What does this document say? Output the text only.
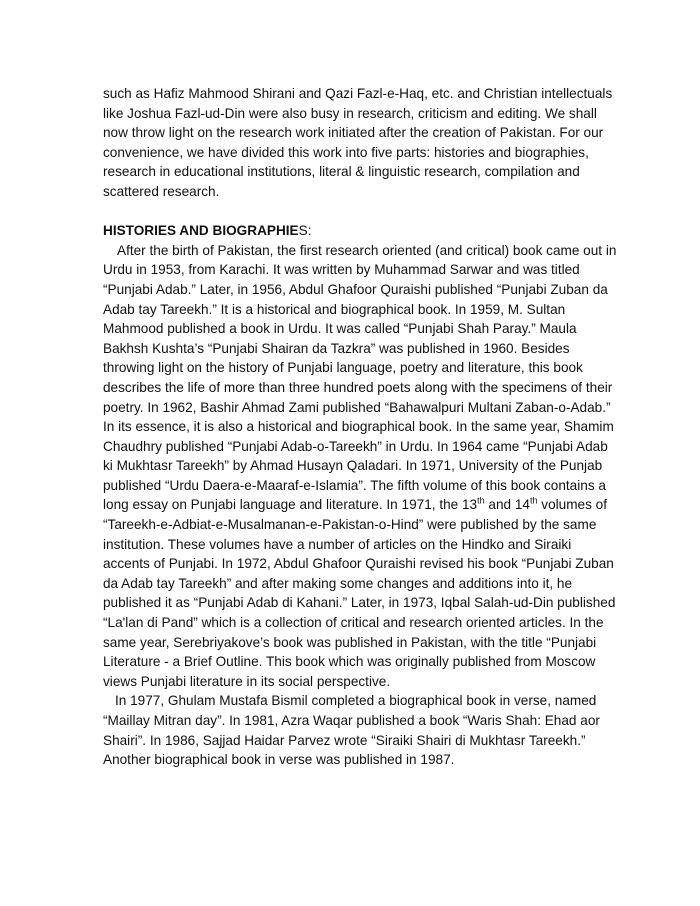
such as Hafiz Mahmood Shirani and Qazi Fazl-e-Haq, etc. and Christian intellectuals like Joshua Fazl-ud-Din were also busy in research, criticism and editing. We shall now throw light on the research work initiated after the creation of Pakistan. For our convenience, we have divided this work into five parts: histories and biographies, research in educational institutions, literal & linguistic research, compilation and scattered research.

HISTORIES AND BIOGRAPHIES:

After the birth of Pakistan, the first research oriented (and critical) book came out in Urdu in 1953, from Karachi. It was written by Muhammad Sarwar and was titled “Punjabi Adab.” Later, in 1956, Abdul Ghafoor Quraishi published “Punjabi Zuban da Adab tay Tareekh.” It is a historical and biographical book. In 1959, M. Sultan Mahmood published a book in Urdu. It was called “Punjabi Shah Paray.” Maula Bakhsh Kushta’s “Punjabi Shairan da Tazkra” was published in 1960. Besides throwing light on the history of Punjabi language, poetry and literature, this book describes the life of more than three hundred poets along with the specimens of their poetry. In 1962, Bashir Ahmad Zami published “Bahawalpuri Multani Zaban-o-Adab.” In its essence, it is also a historical and biographical book. In the same year, Shamim Chaudhry published “Punjabi Adab-o-Tareekh” in Urdu. In 1964 came “Punjabi Adab ki Mukhtasr Tareekh” by Ahmad Husayn Qaladari. In 1971, University of the Punjab published “Urdu Daera-e-Maaraf-e-Islamia”. The fifth volume of this book contains a long essay on Punjabi language and literature. In 1971, the 13th and 14th volumes of “Tareekh-e-Adbiat-e-Musalmanan-e-Pakistan-o-Hind” were published by the same institution. These volumes have a number of articles on the Hindko and Siraiki accents of Punjabi. In 1972, Abdul Ghafoor Quraishi revised his book “Punjabi Zuban da Adab tay Tareekh” and after making some changes and additions into it, he published it as “Punjabi Adab di Kahani.” Later, in 1973, Iqbal Salah-ud-Din published “La'lan di Pand” which is a collection of critical and research oriented articles. In the same year, Serebriyakove’s book was published in Pakistan, with the title “Punjabi Literature - a Brief Outline. This book which was originally published from Moscow views Punjabi literature in its social perspective.

In 1977, Ghulam Mustafa Bismil completed a biographical book in verse, named “Maillay Mitran day”. In 1981, Azra Waqar published a book “Waris Shah: Ehad aor Shairi”. In 1986, Sajjad Haidar Parvez wrote “Siraiki Shairi di Mukhtasr Tareekh.” Another biographical book in verse was published in 1987.
